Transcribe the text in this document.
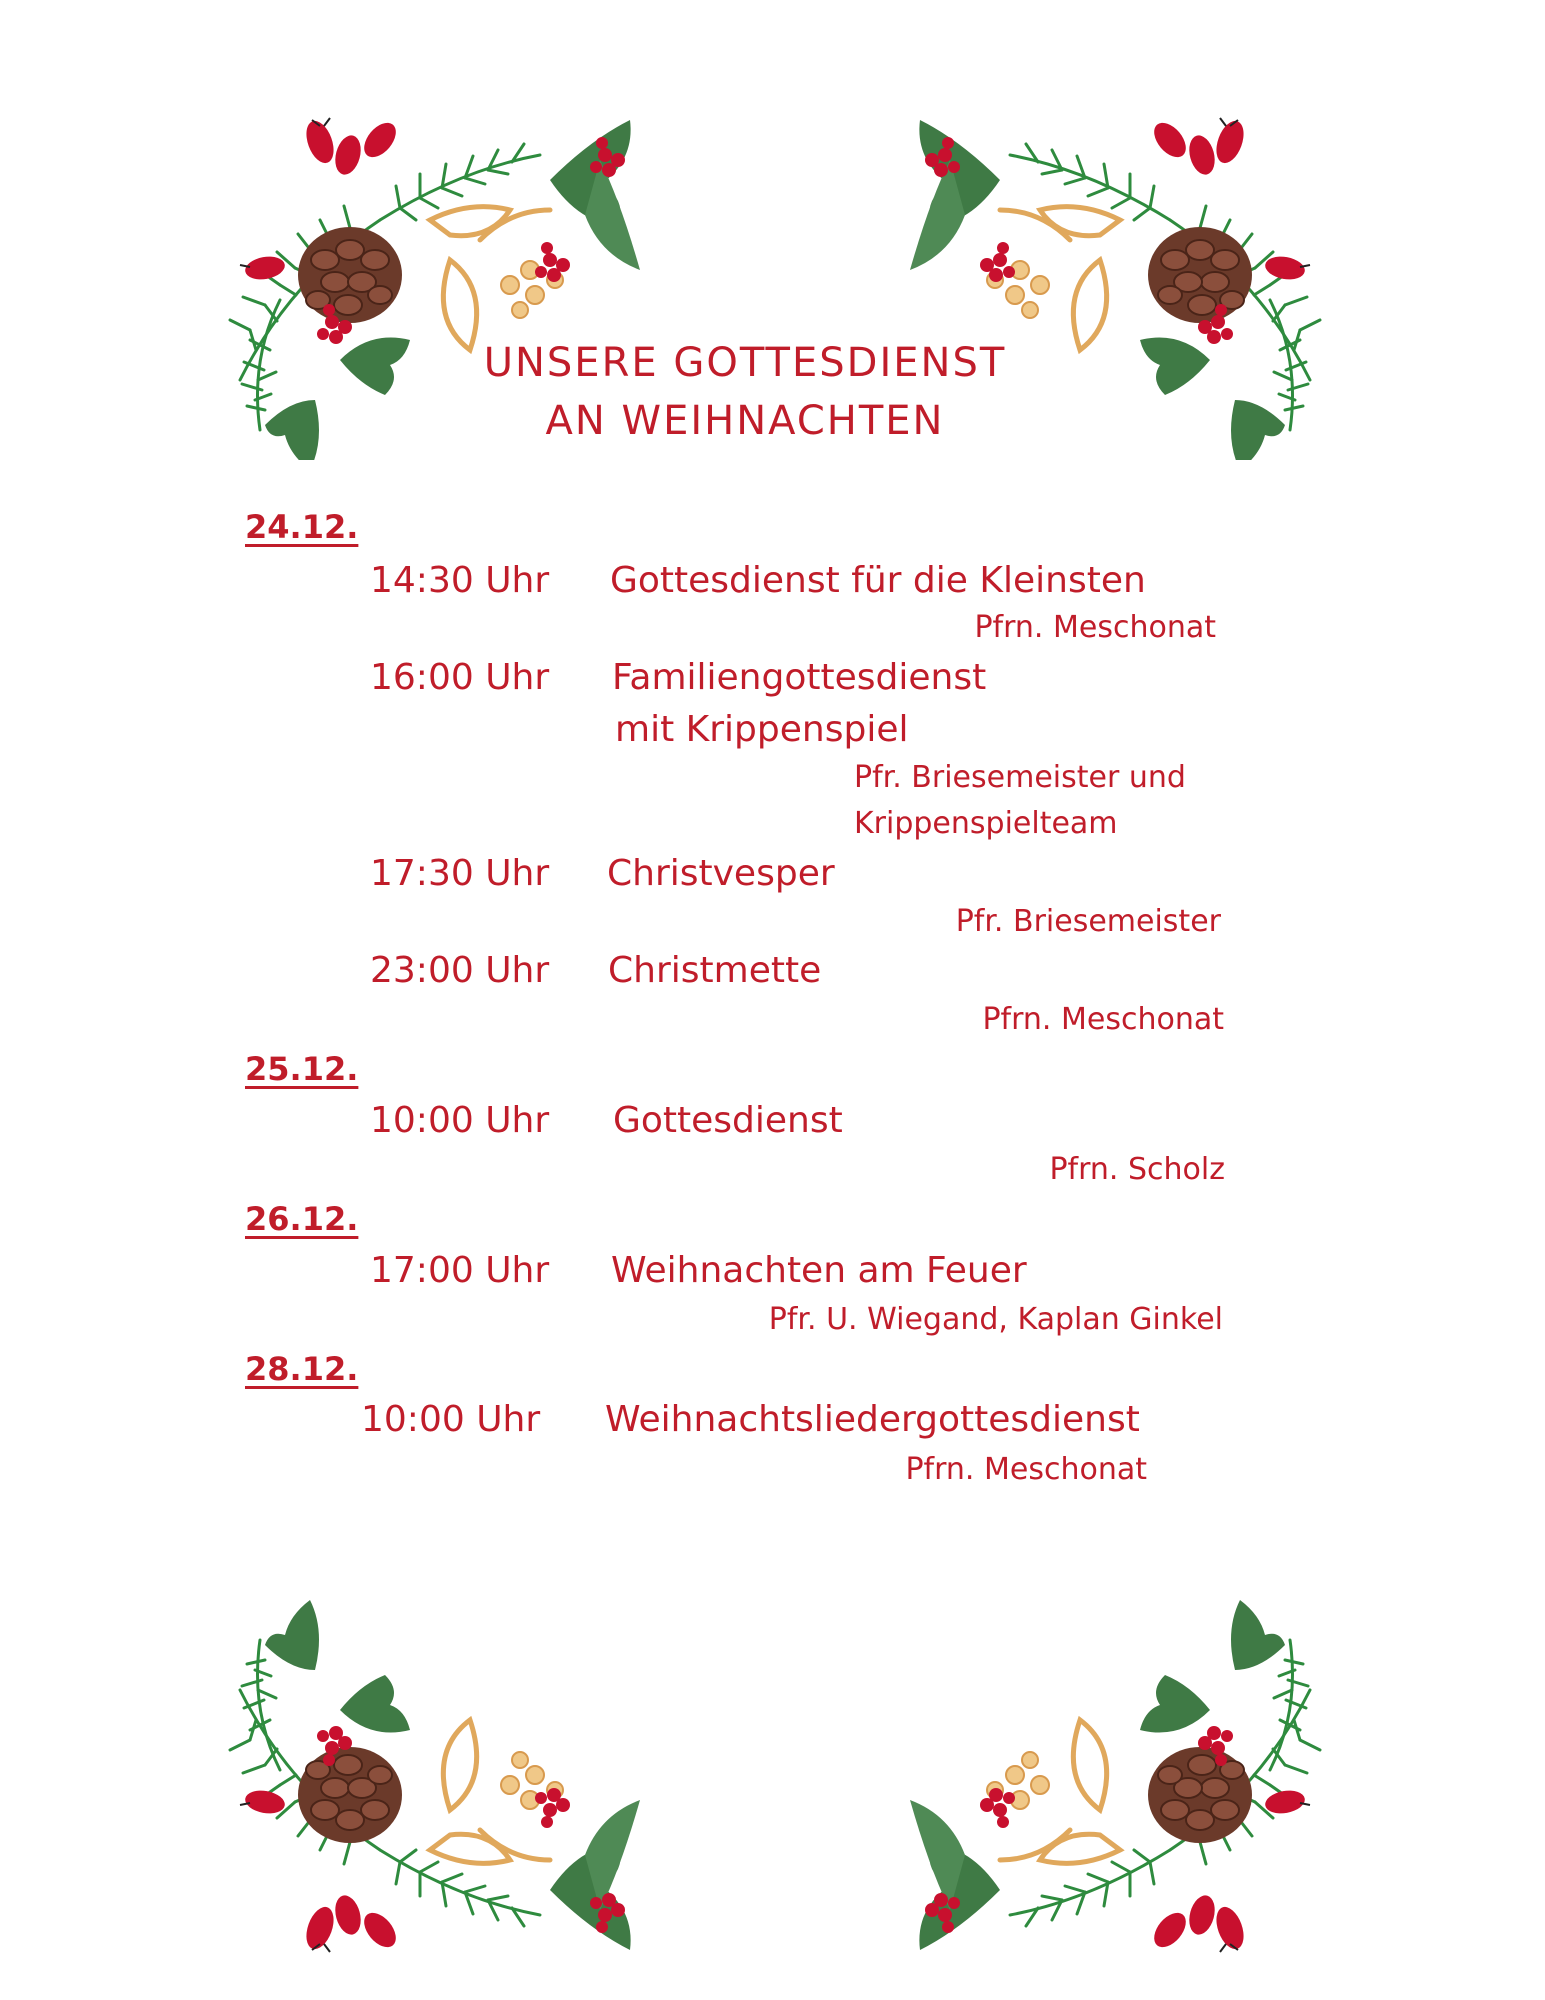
UNSERE GOTTESDIENST
AN WEIHNACHTEN
24.12.
14:30 Uhr Gottesdienst für die Kleinsten
Pfrn. Meschonat
16:00 Uhr Familiengottesdienst
mit Krippenspiel
Pfr. Briesemeister und
Krippenspielteam
17:30 Uhr Christvesper
Pfr. Briesemeister
23:00 Uhr Christmette
Pfrn. Meschonat
25.12.
10:00 Uhr Gottesdienst
Pfrn. Scholz
26.12.
17:00 Uhr Weihnachten am Feuer
Pfr. U. Wiegand, Kaplan Ginkel
28.12.
10:00 Uhr Weihnachtsliedergottesdienst
Pfrn. Meschonat
